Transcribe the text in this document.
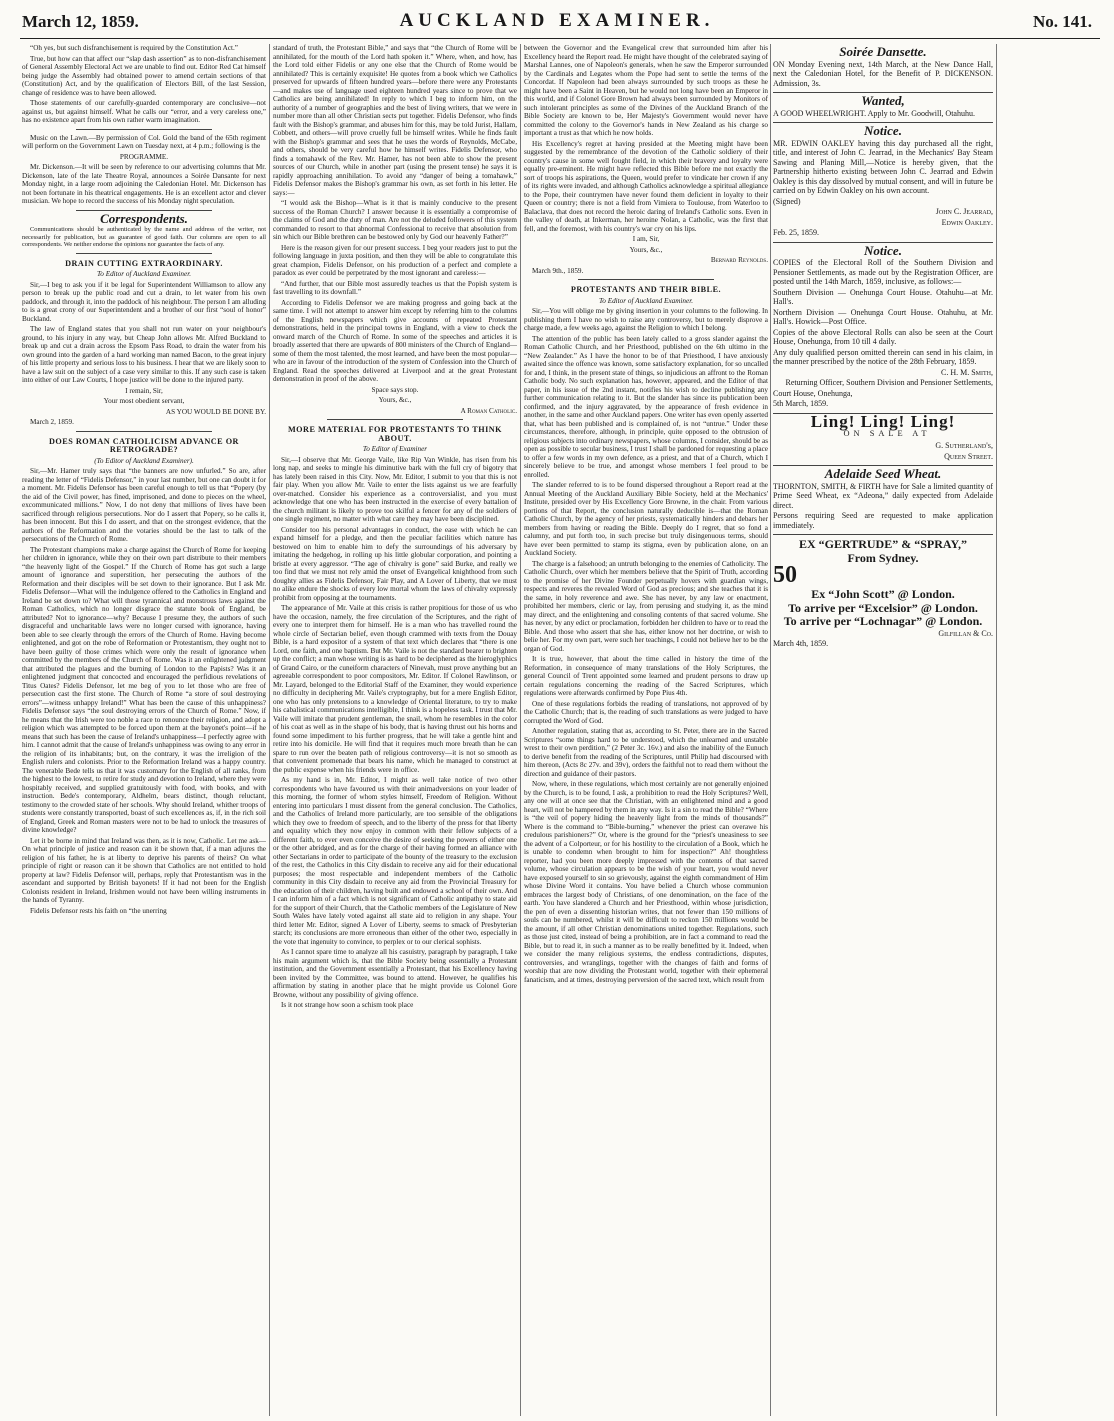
March 12, 1859.	AUCKLAND EXAMINER.	No. 141.

“Oh yes, but such disfranchisement is required by the Constitution Act.”

True, but how can that affect our “slap dash assertion” as to non-disfranchisement of General Assembly Electoral Act we are unable to find out. Editor Red Cat himself being judge the Assembly had obtained power to amend certain sections of that (Constitution) Act, and by the qualification of Electors Bill, of the last Session, change of residence was to have been allowed.

Those statements of our carefully-guarded contemporary are conclusive—not against us, but against himself. What he calls our “error, and a very careless one,” has no existence apart from his own rather warm imagination.

Music on the Lawn.—By permission of Col. Gold the band of the 65th regiment will perform on the Government Lawn on Tuesday next, at 4 p.m.; following is the

PROGRAMME.

Mr. Dickenson.—It will be seen by reference to our advertising columns that Mr. Dickenson, late of the late Theatre Royal, announces a Soirée Dansante for next Monday night, in a large room adjoining the Caledonian Hotel. Mr. Dickenson has not been fortunate in his theatrical engagements. He is an excellent actor and clever musician. We hope to record the success of his Monday night speculation.

Correspondents.

Communications should be authenticated by the name and address of the writer, not necessarily for publication, but as guarantee of good faith. Our columns are open to all correspondents. We neither endorse the opinions nor guarantee the facts of any.

DRAIN CUTTING EXTRAORDINARY.

To Editor of Auckland Examiner.

Sir,—I beg to ask you if it be legal for Superintendent Williamson to allow any person to break up the public road and cut a drain, to let water from his own paddock, and through it, into the paddock of his neighbour. The person I am alluding to is a great crony of our Superintendent and a brother of our first “soul of honor” Buckland.

The law of England states that you shall not run water on your neighbour's ground, to his injury in any way, but Cheap John allows Mr. Alfred Buckland to break up and cut a drain across the Epsom Pass Road, to drain the water from his own ground into the garden of a hard working man named Bacon, to the great injury of his little property and serious loss to his business. I hear that we are likely soon to have a law suit on the subject of a case very similar to this. If any such case is taken into either of our Law Courts, I hope justice will be done to the injured party.

I remain, Sir,

Your most obedient servant,

AS YOU WOULD BE DONE BY.

March 2, 1859.

DOES ROMAN CATHOLICISM ADVANCE OR RETROGRADE?

(To Editor of Auckland Examiner).

Sir,—Mr. Hamer truly says that “the banners are now unfurled.” So are, after reading the letter of “Fidelis Defensor,” in your last number, but one can doubt it for a moment. Mr. Fidelis Defensor has been careful enough to tell us that “Popery (by the aid of the Civil power, has fined, imprisoned, and done to pieces on the wheel, excommunicated millions.” Now, I do not deny that millions of lives have been sacrificed through religious persecutions. Nor do I assert that Popery, so he calls it, has been innocent. But this I do assert, and that on the strongest evidence, that the authors of the Reformation and the votaries should be the last to talk of the persecutions of the Church of Rome.

The Protestant champions make a charge against the Church of Rome for keeping her children in ignorance, while they on their own part distribute to their members “the heavenly light of the Gospel.” If the Church of Rome has got such a large amount of ignorance and superstition, her persecuting the authors of the Reformation and their disciples will be set down to their ignorance. But I ask Mr. Fidelis Defensor—What will the indulgence offered to the Catholics in England and Ireland be set down to? What will those tyrannical and monstrous laws against the Roman Catholics, which no longer disgrace the statute book of England, be attributed? Not to ignorance—why? Because I presume they, the authors of such disgraceful and uncharitable laws were no longer cursed with ignorance, having been able to see clearly through the errors of the Church of Rome. Having become enlightened, and got on the robe of Reformation or Protestantism, they ought not to have been guilty of those crimes which were only the result of ignorance when committed by the members of the Church of Rome. Was it an enlightened judgment that attributed the plagues and the burning of London to the Papists? Was it an enlightened judgment that concocted and encouraged the perfidious revelations of Titus Oates? Fidelis Defensor, let me beg of you to let those who are free of persecution cast the first stone. The Church of Rome “a store of soul destroying errors”—witness unhappy Ireland!” What has been the cause of this unhappiness? Fidelis Defensor says “the soul destroying errors of the Church of Rome.” Now, if he means that the Irish were too noble a race to renounce their religion, and adopt a religion which was attempted to be forced upon them at the bayonet's point—if he means that such has been the cause of Ireland's unhappiness—I perfectly agree with him. I cannot admit that the cause of Ireland's unhappiness was owing to any error in the religion of its inhabitants; but, on the contrary, it was the irreligion of the English rulers and colonists. Prior to the Reformation Ireland was a happy country. The venerable Bede tells us that it was customary for the English of all ranks, from the highest to the lowest, to retire for study and devotion to Ireland, where they were hospitably received, and supplied gratuitously with food, with books, and with instruction. Bede's contemporary, Aldhelm, bears distinct, though reluctant, testimony to the crowded state of her schools. Why should Ireland, whither troops of students were constantly transported, boast of such excellences as, if, in the rich soil of England, Greek and Roman masters were not to be had to unlock the treasures of divine knowledge?

Let it be borne in mind that Ireland was then, as it is now, Catholic. Let me ask—On what principle of justice and reason can it be shown that, if a man adjures the religion of his father, he is at liberty to deprive his parents of theirs? On what principle of right or reason can it be shown that Catholics are not entitled to hold property at law? Fidelis Defensor will, perhaps, reply that Protestantism was in the ascendant and supported by British bayonets! If it had not been for the English Colonists resident in Ireland, Irishmen would not have been willing instruments in the hands of Tyranny.

Fidelis Defensor rests his faith on “the unerring

standard of truth, the Protestant Bible,” and says that “the Church of Rome will be annihilated, for the mouth of the Lord hath spoken it.” Where, when, and how, has the Lord told either Fidelis or any one else that the Church of Rome would be annihilated? This is certainly exquisite! He quotes from a book which we Catholics preserved for upwards of fifteen hundred years—before there were any Protestants—and makes use of language used eighteen hundred years since to prove that we Catholics are being annihilated! In reply to which I beg to inform him, on the authority of a number of geographies and the best of living writers, that we were in number more than all other Christian sects put together. Fidelis Defensor, who finds fault with the Bishop's grammar, and abuses him for this, may be told Jurist, Hallam, Cobbett, and others—will prove cruelly full be himself writes. While he finds fault with the Bishop's grammar and sees that he uses the words of Reynolds, McCabe, and others, should be very careful how he himself writes. Fidelis Defensor, who finds a tomahawk of the Rev. Mr. Hamer, has not been able to show the present sources of our Church, while in another part (using the present tense) he says it is rapidly approaching annihilation. To avoid any “danger of being a tomahawk,” Fidelis Defensor makes the Bishop's grammar his own, as set forth in his letter. He says:—

“I would ask the Bishop—What is it that is mainly conducive to the present success of the Roman Church? I answer because it is essentially a compromise of the claims of God and the duty of man. Are not the deluded followers of this system commanded to resort to that abnormal Confessional to receive that absolution from sin which our Bible brethren can be bestowed only by God our heavenly Father?”

Here is the reason given for our present success. I beg your readers just to put the following language in juxta position, and then they will be able to congratulate this great champion, Fidelis Defensor, on his production of a perfect and complete a paradox as ever could be perpetrated by the most ignorant and careless:—

“And further, that our Bible most assuredly teaches us that the Popish system is fast travelling to its downfall.”

According to Fidelis Defensor we are making progress and going back at the same time. I will not attempt to answer him except by referring him to the columns of the English newspapers which give accounts of repeated Protestant demonstrations, held in the principal towns in England, with a view to check the onward march of the Church of Rome. In some of the speeches and articles it is broadly asserted that there are upwards of 800 ministers of the Church of England—some of them the most talented, the most learned, and have been the most popular—who are in favour of the introduction of the system of Confession into the Church of England. Read the speeches delivered at Liverpool and at the great Protestant demonstration in proof of the above.

Space says stop.

Yours, &c.,

A Roman Catholic.

MORE MATERIAL FOR PROTESTANTS TO THINK ABOUT.

To Editor of Examiner

Sir,—I observe that Mr. George Vaile, like Rip Van Winkle, has risen from his long nap, and seeks to mingle his diminutive bark with the full cry of bigotry that has lately been raised in this City. Now, Mr. Editor, I submit to you that this is not fair play. When you allow Mr. Vaile to enter the lists against us we are fearfully over-matched. Consider his experience as a controversialist, and you must acknowledge that one who has been instructed in the exercise of every battalion of the church militant is likely to prove too skilful a fencer for any of the soldiers of one single regiment, no matter with what care they may have been disciplined.

Consider too his personal advantages in conduct, the ease with which he can expand himself for a pledge, and then the peculiar facilities which nature has bestowed on him to enable him to defy the surroundings of his adversary by imitating the hedgehog, in rolling up his little globular corporation, and pointing a bristle at every aggressor. “The age of chivalry is gone” said Burke, and really we too find that we must not rely amid the onset of Evangelical knighthood from such doughty allies as Fidelis Defensor, Fair Play, and A Lover of Liberty, that we must no alike endure the shocks of every low mortal whom the laws of chivalry expressly prohibit from opposing at the tournaments.

The appearance of Mr. Vaile at this crisis is rather propitious for those of us who have the occasion, namely, the free circulation of the Scriptures, and the right of every one to interpret them for himself. He is a man who has travelled round the whole circle of Sectarian belief, even though crammed with texts from the Douay Bible, is a hard expositor of a system of that text which declares that “there is one Lord, one faith, and one baptism. But Mr. Vaile is not the standard bearer to brighten up the conflict; a man whose writing is as hard to be deciphered as the hieroglyphics of Grand Cairo, or the cuneiform characters of Ninevah, must prove anything but an agreeable correspondent to poor compositors, Mr. Editor. If Colonel Rawlinson, or Mr. Layard, belonged to the Editorial Staff of the Examiner, they would experience no difficulty in deciphering Mr. Vaile's cryptography, but for a mere English Editor, one who has only pretensions to a knowledge of Oriental literature, to try to make his cabalistical communications intelligible, I think is a hopeless task. I trust that Mr. Vaile will imitate that prudent gentleman, the snail, whom he resembles in the color of his coat as well as in the shape of his body, that is having thrust out his horns and found some impediment to his further progress, that he will take a gentle hint and retire into his domicile. He will find that it requires much more breath than he can spare to run over the beaten path of religious controversy—it is not so smooth as that convenient promenade that bears his name, which he managed to construct at the public expense when his friends were in office.

As my hand is in, Mr. Editor, I might as well take notice of two other correspondents who have favoured us with their animadversions on your leader of this morning, the former of whom styles himself, Freedom of Religion. Without entering into particulars I must dissent from the general conclusion. The Catholics, and the Catholics of Ireland more particularly, are too sensible of the obligations which they owe to freedom of speech, and to the liberty of the press for that liberty and equality which they now enjoy in common with their fellow subjects of a different faith, to ever even conceive the desire of seeking the powers of either one or the other abridged, and as for the charge of their having formed an alliance with other Sectarians in order to participate of the bounty of the treasury to the exclusion of the rest, the Catholics in this City disdain to receive any aid for their educational purposes; the most respectable and independent members of the Catholic community in this City disdain to receive any aid from the Provincial Treasury for the education of their children, having built and endowed a school of their own. And I can inform him of a fact which is not significant of Catholic antipathy to state aid for the support of their Church, that the Catholic members of the Legislature of New South Wales have lately voted against all state aid to religion in any shape. Your third letter Mr. Editor, signed A Lover of Liberty, seems to smack of Presbyterian starch; its conclusions are more erroneous than either of the other two, especially in the vote that ingenuity to convince, to perplex or to our clerical sophists.

As I cannot spare time to analyze all his casuistry, paragraph by paragraph, I take his main argument which is, that the Bible Society being essentially a Protestant institution, and the Government essentially a Protestant, that his Excellency having been invited by the Committee, was bound to attend. However, he qualifies his affirmation by stating in another place that he might provide us Colonel Gore Browne, without any possibility of giving offence.

Is it not strange how soon a schism took place

between the Governor and the Evangelical crew that surrounded him after his Excellency heard the Report read. He might have thought of the celebrated saying of Marshal Lannes, one of Napoleon's generals, when he saw the Emperor surrounded by the Cardinals and Legates whom the Pope had sent to settle the terms of the Concordat. If Napoleon had been always surrounded by such troops as these he might have been a Saint in Heaven, but he would not long have been an Emperor in this world, and if Colonel Gore Brown had always been surrounded by Monitors of such intolerant principles as some of the Divines of the Auckland Branch of the Bible Society are known to be, Her Majesty's Government would never have committed the colony to the Governor's hands in New Zealand as his charge so important a trust as that which he now holds.

His Excellency's regret at having presided at the Meeting might have been suggested by the remembrance of the devotion of the Catholic soldiery of their country's cause in some well fought field, in which their bravery and loyalty were equally pre-eminent. He might have reflected this Bible before me not exactly the sort of troops his aspirations, the Queen, would prefer to vindicate her crown if any of its rights were invaded, and although Catholics acknowledge a spiritual allegiance to the Pope, their countrymen have never found them deficient in loyalty to their Queen or country; there is not a field from Vimiera to Toulouse, from Waterloo to Balaclava, that does not record the heroic daring of Ireland's Catholic sons. Even in the valley of death, at Inkerman, her heroine Nolan, a Catholic, was the first that fell, and the foremost, with his country's war cry on his lips.

I am, Sir,

Yours, &c.,

Bernard Reynolds.

March 9th., 1859.

PROTESTANTS AND THEIR BIBLE.

To Editor of Auckland Examiner.

Sir,—You will oblige me by giving insertion in your columns to the following. In publishing them I have no wish to raise any controversy, but to merely disprove a charge made, a few weeks ago, against the Religion to which I belong.

The attention of the public has been lately called to a gross slander against the Roman Catholic Church, and her Priesthood, published on the 6th ultimo in the “New Zealander.” As I have the honor to be of that Priesthood, I have anxiously awaited since the offence was known, some satisfactory explanation, for so uncalled for and, I think, in the present state of things, so injudicious an affront to the Roman Catholic body. No such explanation has, however, appeared, and the Editor of that paper, in his issue of the 2nd instant, notifies his wish to decline publishing any further communication relating to it. But the slander has since its publication been confirmed, and the injury aggravated, by the appearance of fresh evidence in another, in the same and other Auckland papers. One writer has even openly asserted that, what has been published and is complained of, is not “untrue.” Under these circumstances, therefore, although, in principle, quite opposed to the obtrusion of religious subjects into ordinary newspapers, whose columns, I consider, should be as open as possible to secular business, I trust I shall be pardoned for requesting a place to offer a few words in my own defence, as a priest, and that of a Church, which I sincerely believe to be true, and amongst whose members I feel proud to be enrolled.

The slander referred to is to be found dispersed throughout a Report read at the Annual Meeting of the Auckland Auxiliary Bible Society, held at the Mechanics' Institute, presided over by His Excellency Gore Browne, in the chair. From various portions of that Report, the conclusion naturally deducible is—that the Roman Catholic Church, by the agency of her priests, systematically hinders and debars her members from having or reading the Bible. Deeply do I regret, that so fond a calumny, and put forth too, in such precise but truly disingenuous terms, should have ever been permitted to stamp its stigma, even by publication alone, on an Auckland Society.

The charge is a falsehood; an untruth belonging to the enemies of Catholicity. The Catholic Church, over which her members believe that the Spirit of Truth, according to the promise of her Divine Founder perpetually hovers with guardian wings, respects and reveres the revealed Word of God as precious; and she teaches that it is the same, in holy reverence and awe. She has never, by any law or enactment, prohibited her members, cleric or lay, from perusing and studying it, as the mind may direct, and the enlightening and consoling contents of that sacred volume. She has never, by any edict or proclamation, forbidden her children to have or to read the Bible. And those who assert that she has, either know not her doctrine, or wish to belie her. For my own part, were such her teachings, I could not believe her to be the organ of God.

It is true, however, that about the time called in history the time of the Reformation, in consequence of many translations of the Holy Scriptures, the general Council of Trent appointed some learned and prudent persons to draw up certain regulations concerning the reading of the Sacred Scriptures, which regulations were afterwards confirmed by Pope Pius 4th.

One of these regulations forbids the reading of translations, not approved of by the Catholic Church; that is, the reading of such translations as were judged to have corrupted the Word of God.

Another regulation, stating that as, according to St. Peter, there are in the Sacred Scriptures “some things hard to be understood, which the unlearned and unstable wrest to their own perdition,” (2 Peter 3c. 16v.) and also the inability of the Eunuch to derive benefit from the reading of the Scriptures, until Philip had discoursed with him thereon, (Acts 8c 27v. and 39v), orders the faithful not to read them without the direction and guidance of their pastors.

Now, where, in these regulations, which most certainly are not generally enjoined by the Church, is to be found, I ask, a prohibition to read the Holy Scriptures? Well, any one will at once see that the Christian, with an enlightened mind and a good heart, will not be hampered by them in any way. Is it a sin to read the Bible? “Where is “the veil of popery hiding the heavenly light from the minds of thousands?” Where is the command to “Bible-burning,” whenever the priest can overawe his credulous parishioners?” Or, where is the ground for the “priest's uneasiness to see the advent of a Colporteur, or for his hostility to the circulation of a Book, which he is unable to condemn when brought to him for inspection?” Ah! thoughtless reporter, had you been more deeply impressed with the contents of that sacred volume, whose circulation appears to be the wish of your heart, you would never have exposed yourself to sin so grievously, against the eighth commandment of Him whose Divine Word it contains. You have belied a Church whose communion embraces the largest body of Christians, of one denomination, on the face of the earth. You have slandered a Church and her Priesthood, within whose jurisdiction, the pen of even a dissenting historian writes, that not fewer than 150 millions of souls can be numbered, whilst it will be difficult to reckon 150 millions would be the amount, if all other Christian denominations united together. Regulations, such as those just cited, instead of being a prohibition, are in fact a command to read the Bible, but to read it, in such a manner as to be really benefitted by it. Indeed, when we consider the many religious systems, the endless contradictions, disputes, controversies, and wranglings, together with the changes of faith and forms of worship that are now dividing the Protestant world, together with their ephemeral fanaticism, and at times, destroying perversion of the sacred text, which result from

Soirée Dansette.

ON Monday Evening next, 14th March, at the New Dance Hall, next the Caledonian Hotel, for the Benefit of P. DICKENSON. Admission, 3s.

Wanted,

A GOOD WHEELWRIGHT. Apply to Mr. Goodwill, Otahuhu.

Notice.

MR. EDWIN OAKLEY having this day purchased all the right, title, and interest of John C. Jearrad, in the Mechanics' Bay Steam Sawing and Planing Mill,—Notice is hereby given, that the Partnership hitherto existing between John C. Jearrad and Edwin Oakley is this day dissolved by mutual consent, and will in future be carried on by Edwin Oakley on his own account.

(Signed)

John C. Jearrad,

Edwin Oakley.

Feb. 25, 1859.

Notice.

COPIES of the Electoral Roll of the Southern Division and Pensioner Settlements, as made out by the Registration Officer, are posted until the 14th March, 1859, inclusive, as follows:—

Southern Division — Onehunga Court House. Otahuhu—at Mr. Hall's.

Northern Division — Onehunga Court House. Otahuhu, at Mr. Hall's. Howick—Post Office.

Copies of the above Electoral Rolls can also be seen at the Court House, Onehunga, from 10 till 4 daily.

Any duly qualified person omitted therein can send in his claim, in the manner prescribed by the notice of the 28th February, 1859.

C. H. M. Smith,

Returning Officer, Southern Division and Pensioner Settlements,

Court House, Onehunga,

5th March, 1859.

Ling! Ling! Ling!

ON SALE AT

G. Sutherland's,

Queen Street.

Adelaide Seed Wheat.

THORNTON, SMITH, & FIRTH have for Sale a limited quantity of Prime Seed Wheat, ex “Adeona,” daily expected from Adelaide direct.

Persons requiring Seed are requested to make application immediately.

EX “GERTRUDE” & “SPRAY,”
From Sydney.
50
Ex “John Scott” @ London.
To arrive per “Excelsior” @ London.
To arrive per “Lochnagar” @ London.

Gilfillan & Co.

March 4th, 1859.
